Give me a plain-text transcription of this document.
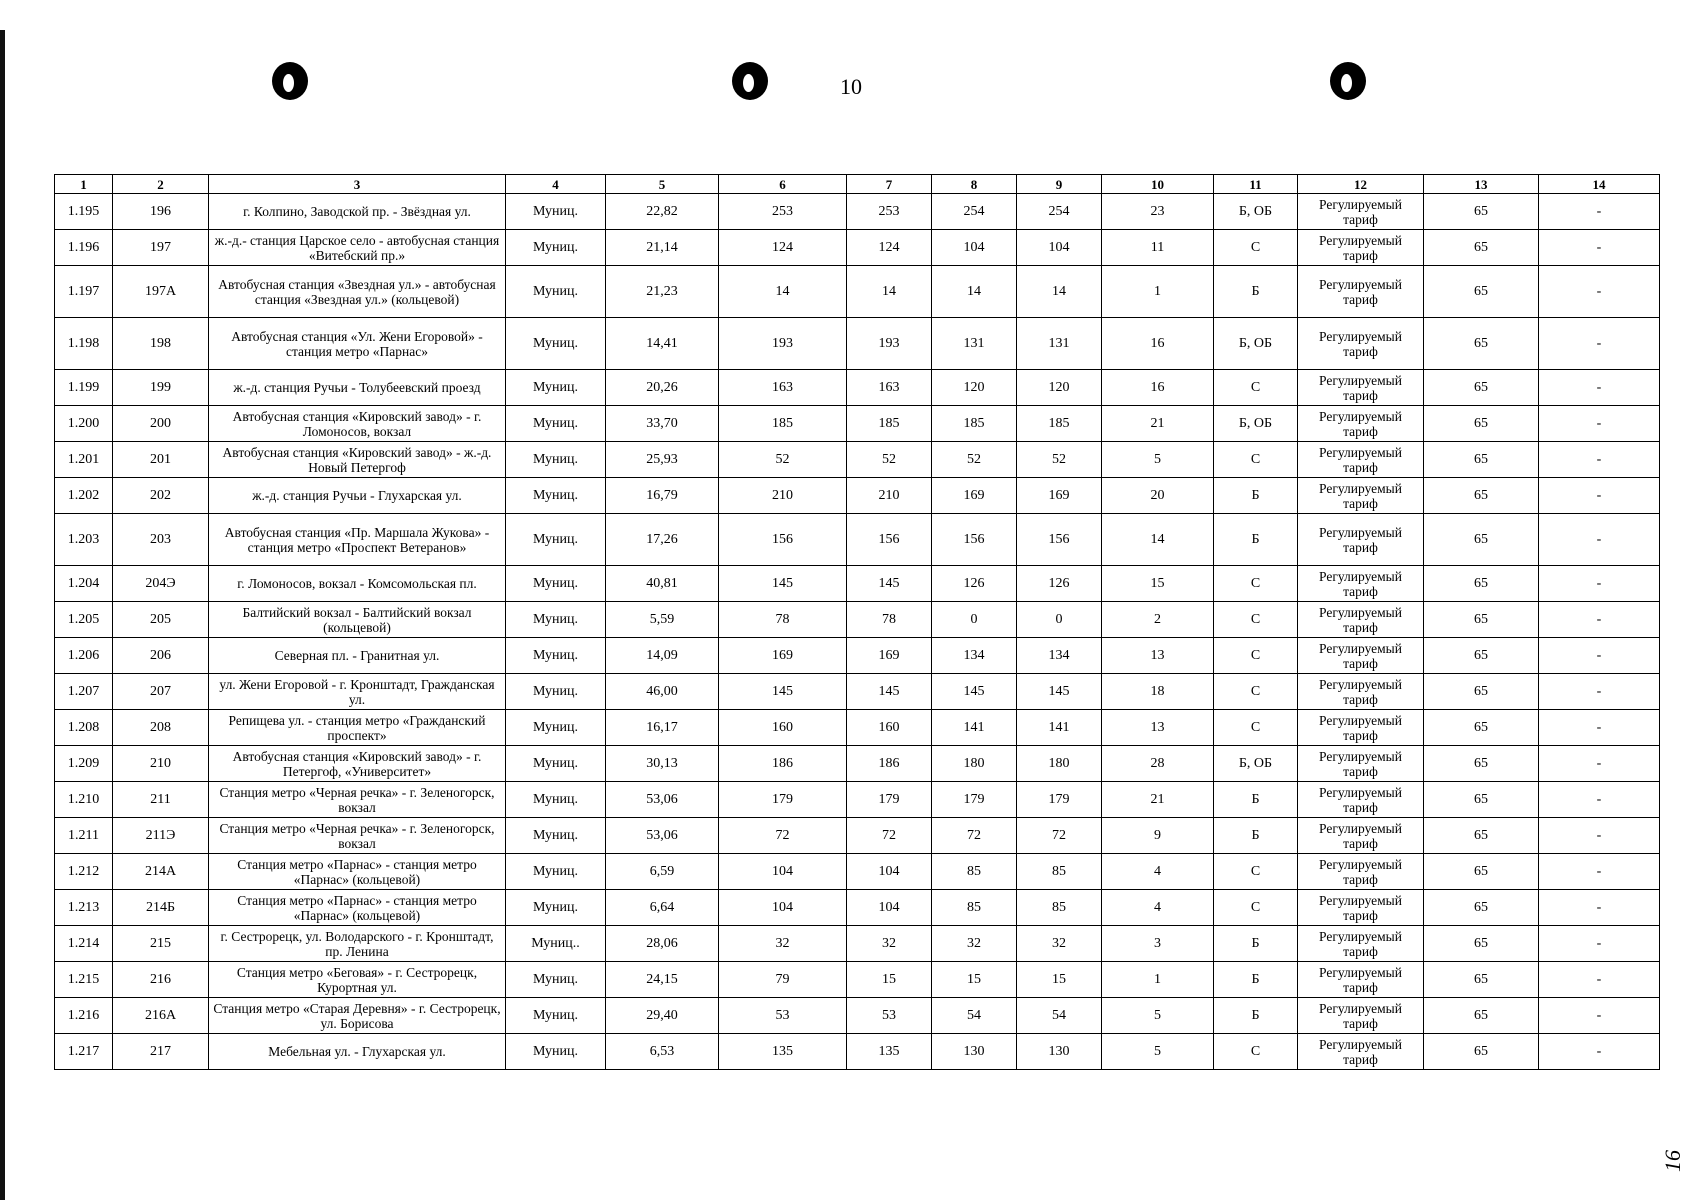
10
16
1	2	3	4	5	6	7	8	9	10	11	12	13	14
1.195	196	г. Колпино, Заводской пр. - Звёздная ул.	Муниц.	22,82	253	253	254	254	23	Б, ОБ	Регулируемый тариф	65	-
1.196	197	ж.-д.- станция Царское село - автобусная станция «Витебский пр.»	Муниц.	21,14	124	124	104	104	11	С	Регулируемый тариф	65	-
1.197	197А	Автобусная станция «Звездная ул.» - автобусная станция «Звездная ул.» (кольцевой)	Муниц.	21,23	14	14	14	14	1	Б	Регулируемый тариф	65	-
1.198	198	Автобусная станция «Ул. Жени Егоровой» - станция метро «Парнас»	Муниц.	14,41	193	193	131	131	16	Б, ОБ	Регулируемый тариф	65	-
1.199	199	ж.-д. станция Ручьи - Толубеевский проезд	Муниц.	20,26	163	163	120	120	16	С	Регулируемый тариф	65	-
1.200	200	Автобусная станция «Кировский завод» - г. Ломоносов, вокзал	Муниц.	33,70	185	185	185	185	21	Б, ОБ	Регулируемый тариф	65	-
1.201	201	Автобусная станция «Кировский завод» - ж.-д. Новый Петергоф	Муниц.	25,93	52	52	52	52	5	С	Регулируемый тариф	65	-
1.202	202	ж.-д. станция Ручьи - Глухарская ул.	Муниц.	16,79	210	210	169	169	20	Б	Регулируемый тариф	65	-
1.203	203	Автобусная станция «Пр. Маршала Жукова» - станция метро «Проспект Ветеранов»	Муниц.	17,26	156	156	156	156	14	Б	Регулируемый тариф	65	-
1.204	204Э	г. Ломоносов, вокзал - Комсомольская пл.	Муниц.	40,81	145	145	126	126	15	С	Регулируемый тариф	65	-
1.205	205	Балтийский вокзал - Балтийский вокзал (кольцевой)	Муниц.	5,59	78	78	0	0	2	С	Регулируемый тариф	65	-
1.206	206	Северная пл. - Гранитная ул.	Муниц.	14,09	169	169	134	134	13	С	Регулируемый тариф	65	-
1.207	207	ул. Жени Егоровой - г. Кронштадт, Гражданская ул.	Муниц.	46,00	145	145	145	145	18	С	Регулируемый тариф	65	-
1.208	208	Репищева ул. - станция метро «Гражданский проспект»	Муниц.	16,17	160	160	141	141	13	С	Регулируемый тариф	65	-
1.209	210	Автобусная станция «Кировский завод» - г. Петергоф, «Университет»	Муниц.	30,13	186	186	180	180	28	Б, ОБ	Регулируемый тариф	65	-
1.210	211	Станция метро «Черная речка» - г. Зеленогорск, вокзал	Муниц.	53,06	179	179	179	179	21	Б	Регулируемый тариф	65	-
1.211	211Э	Станция метро «Черная речка» - г. Зеленогорск, вокзал	Муниц.	53,06	72	72	72	72	9	Б	Регулируемый тариф	65	-
1.212	214А	Станция метро «Парнас» - станция метро «Парнас» (кольцевой)	Муниц.	6,59	104	104	85	85	4	С	Регулируемый тариф	65	-
1.213	214Б	Станция метро «Парнас» - станция метро «Парнас» (кольцевой)	Муниц.	6,64	104	104	85	85	4	С	Регулируемый тариф	65	-
1.214	215	г. Сестрорецк, ул. Володарского - г. Кронштадт, пр. Ленина	Муниц..	28,06	32	32	32	32	3	Б	Регулируемый тариф	65	-
1.215	216	Станция метро «Беговая» - г. Сестрорецк, Курортная ул.	Муниц.	24,15	79	15	15	15	1	Б	Регулируемый тариф	65	-
1.216	216А	Станция метро «Старая Деревня» - г. Сестрорецк, ул. Борисова	Муниц.	29,40	53	53	54	54	5	Б	Регулируемый тариф	65	-
1.217	217	Мебельная ул. - Глухарская ул.	Муниц.	6,53	135	135	130	130	5	С	Регулируемый тариф	65	-
